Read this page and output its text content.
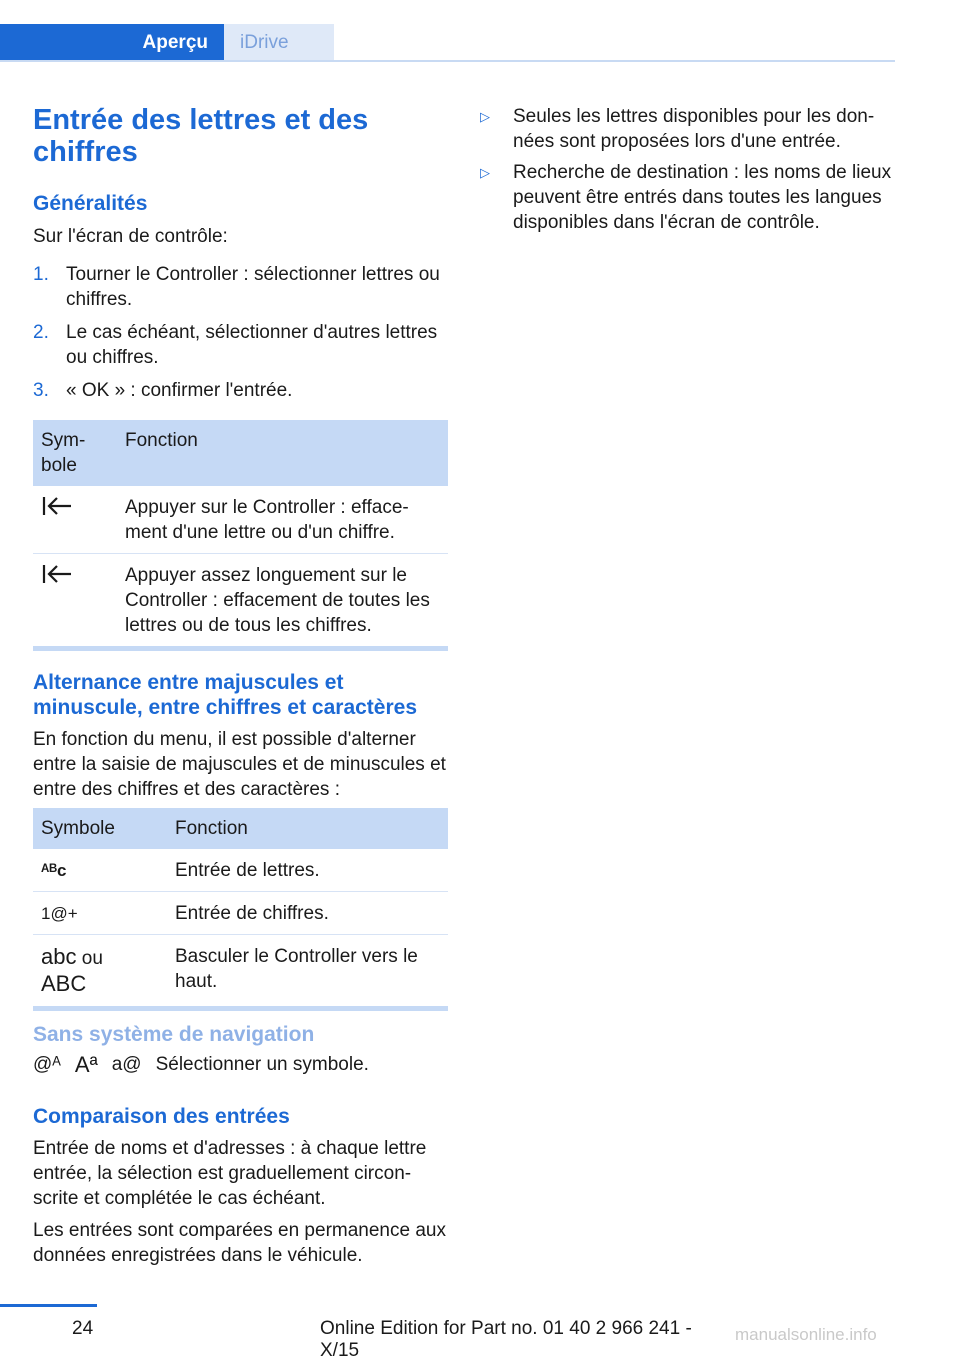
Aperçu	iDrive
Entrée des lettres et des chiffres
Généralités

Sur l'écran de contrôle:

1. Tourner le Controller : sélectionner lettres ou chiffres.
2. Le cas échéant, sélectionner d'autres lettres ou chiffres.
3. « OK » : confirmer l'entrée.
Symbole	Fonction
	Appuyer sur le Controller : effacement d'une lettre ou d'un chiffre.
	Appuyer assez longuement sur le Controller : effacement de toutes les lettres ou de tous les chiffres.
Alternance entre majuscules et minuscule, entre chiffres et caractères

En fonction du menu, il est possible d'alterner entre la saisie de majuscules et de minuscules et entre des chiffres et des caractères :

Symbole	Fonction
ᴬᴮc	Entrée de lettres.
1@+	Entrée de chiffres.
abc ou
ABC	Basculer le Controller vers le haut.
Sans système de navigation
@ᴬ Aª a@ Sélectionner un symbole.
Comparaison des entrées

Entrée de noms et d'adresses : à chaque lettre entrée, la sélection est graduellement circonscrite et complétée le cas échéant.

Les entrées sont comparées en permanence aux données enregistrées dans le véhicule.

▷ Seules les lettres disponibles pour les données sont proposées lors d'une entrée.
▷ Recherche de destination : les noms de lieux peuvent être entrés dans toutes les langues disponibles dans l'écran de contrôle.
24	Online Edition for Part no. 01 40 2 966 241 - X/15
manualsonline.info
